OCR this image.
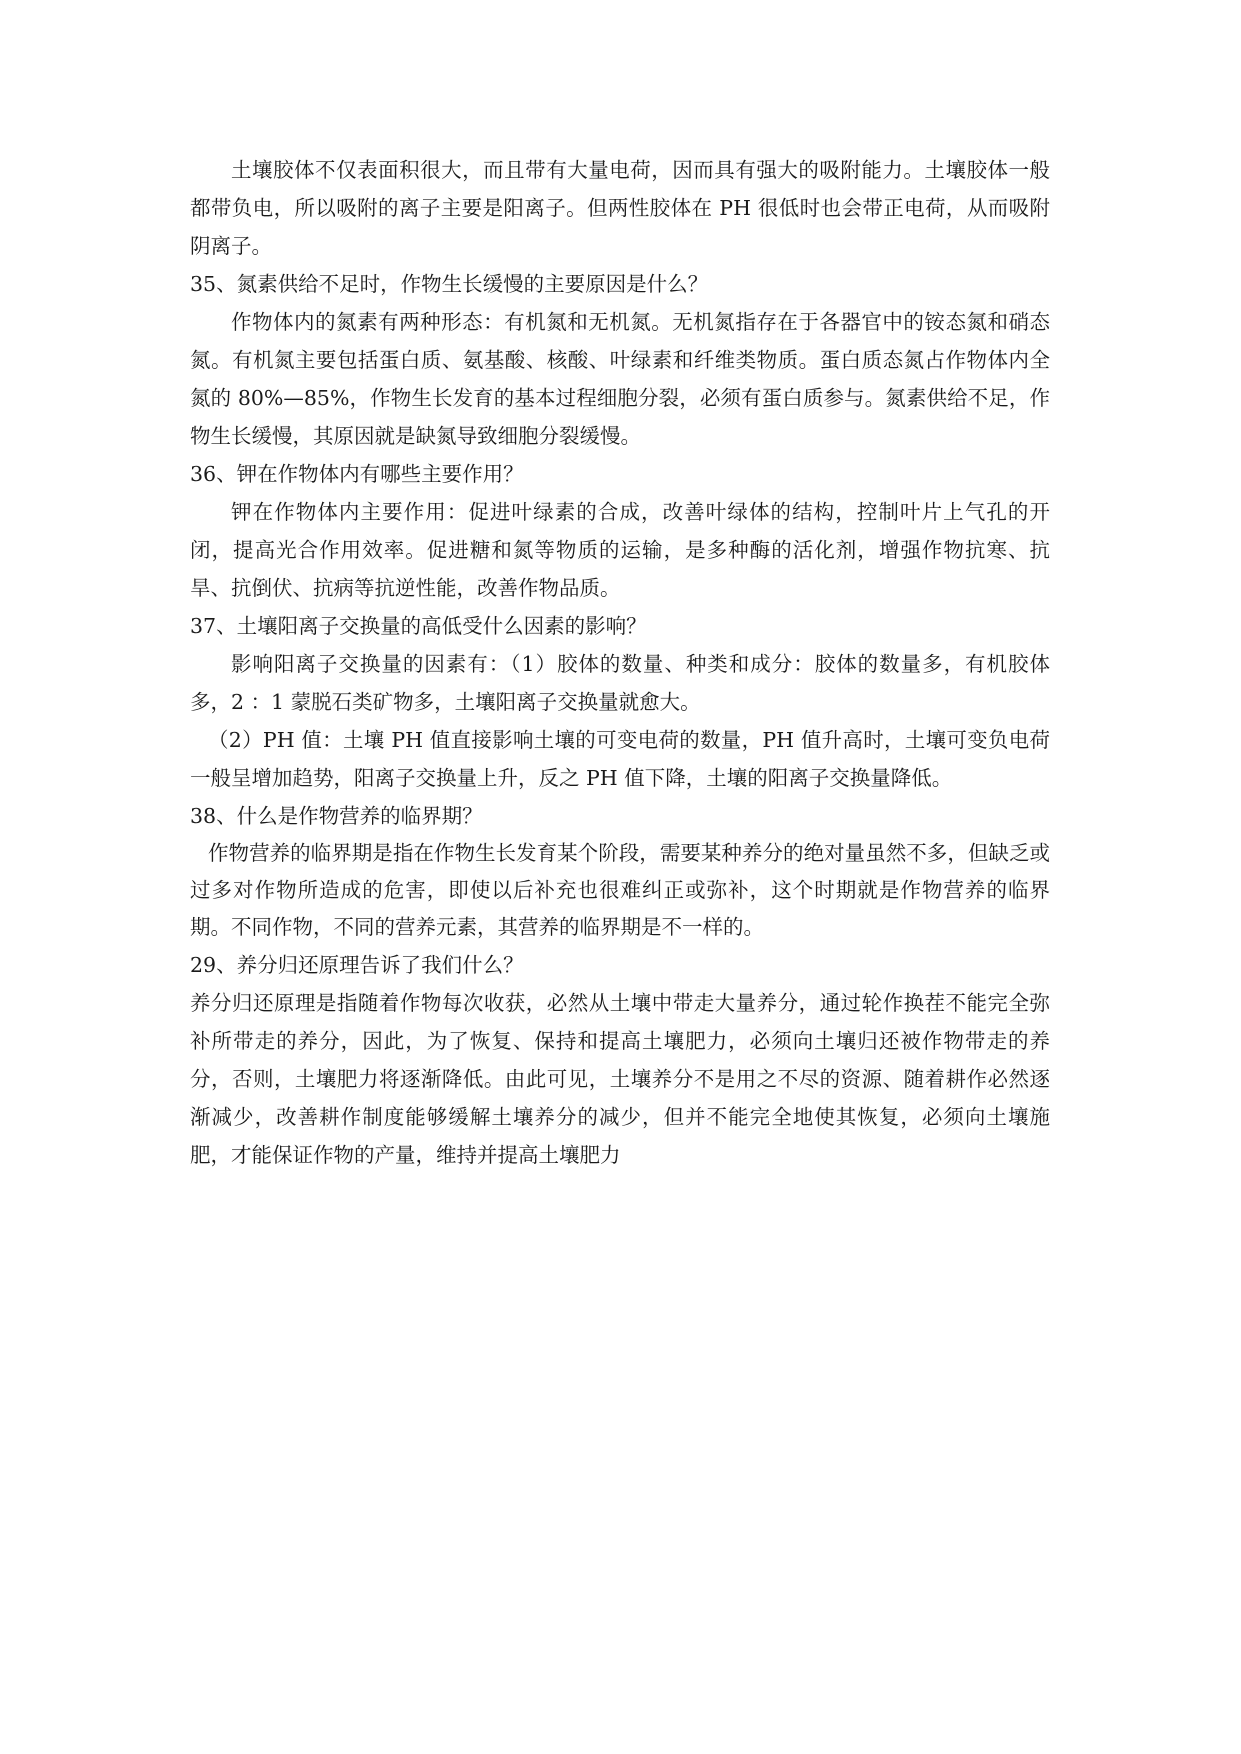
土壤胶体不仅表面积很大，而且带有大量电荷，因而具有强大的吸附能力。土壤胶体一般都带负电，所以吸附的离子主要是阳离子。但两性胶体在 PH 很低时也会带正电荷，从而吸附阴离子。

35、氮素供给不足时，作物生长缓慢的主要原因是什么？

作物体内的氮素有两种形态：有机氮和无机氮。无机氮指存在于各器官中的铵态氮和硝态氮。有机氮主要包括蛋白质、氨基酸、核酸、叶绿素和纤维类物质。蛋白质态氮占作物体内全氮的 80%—85%，作物生长发育的基本过程细胞分裂，必须有蛋白质参与。氮素供给不足，作物生长缓慢，其原因就是缺氮导致细胞分裂缓慢。

36、钾在作物体内有哪些主要作用？

钾在作物体内主要作用：促进叶绿素的合成，改善叶绿体的结构，控制叶片上气孔的开闭，提高光合作用效率。促进糖和氮等物质的运输，是多种酶的活化剂，增强作物抗寒、抗旱、抗倒伏、抗病等抗逆性能，改善作物品质。

37、土壤阳离子交换量的高低受什么因素的影响？

影响阳离子交换量的因素有：（1）胶体的数量、种类和成分：胶体的数量多，有机胶体多，2 ：1 蒙脱石类矿物多，土壤阳离子交换量就愈大。

（2）PH 值：土壤 PH 值直接影响土壤的可变电荷的数量，PH 值升高时，土壤可变负电荷一般呈增加趋势，阳离子交换量上升，反之 PH 值下降，土壤的阳离子交换量降低。

38、什么是作物营养的临界期？

作物营养的临界期是指在作物生长发育某个阶段，需要某种养分的绝对量虽然不多，但缺乏或过多对作物所造成的危害，即使以后补充也很难纠正或弥补，这个时期就是作物营养的临界期。不同作物，不同的营养元素，其营养的临界期是不一样的。

29、养分归还原理告诉了我们什么？

养分归还原理是指随着作物每次收获，必然从土壤中带走大量养分，通过轮作换茬不能完全弥补所带走的养分，因此，为了恢复、保持和提高土壤肥力，必须向土壤归还被作物带走的养分，否则，土壤肥力将逐渐降低。由此可见，土壤养分不是用之不尽的资源、随着耕作必然逐渐减少，改善耕作制度能够缓解土壤养分的减少，但并不能完全地使其恢复，必须向土壤施肥，才能保证作物的产量，维持并提高土壤肥力
